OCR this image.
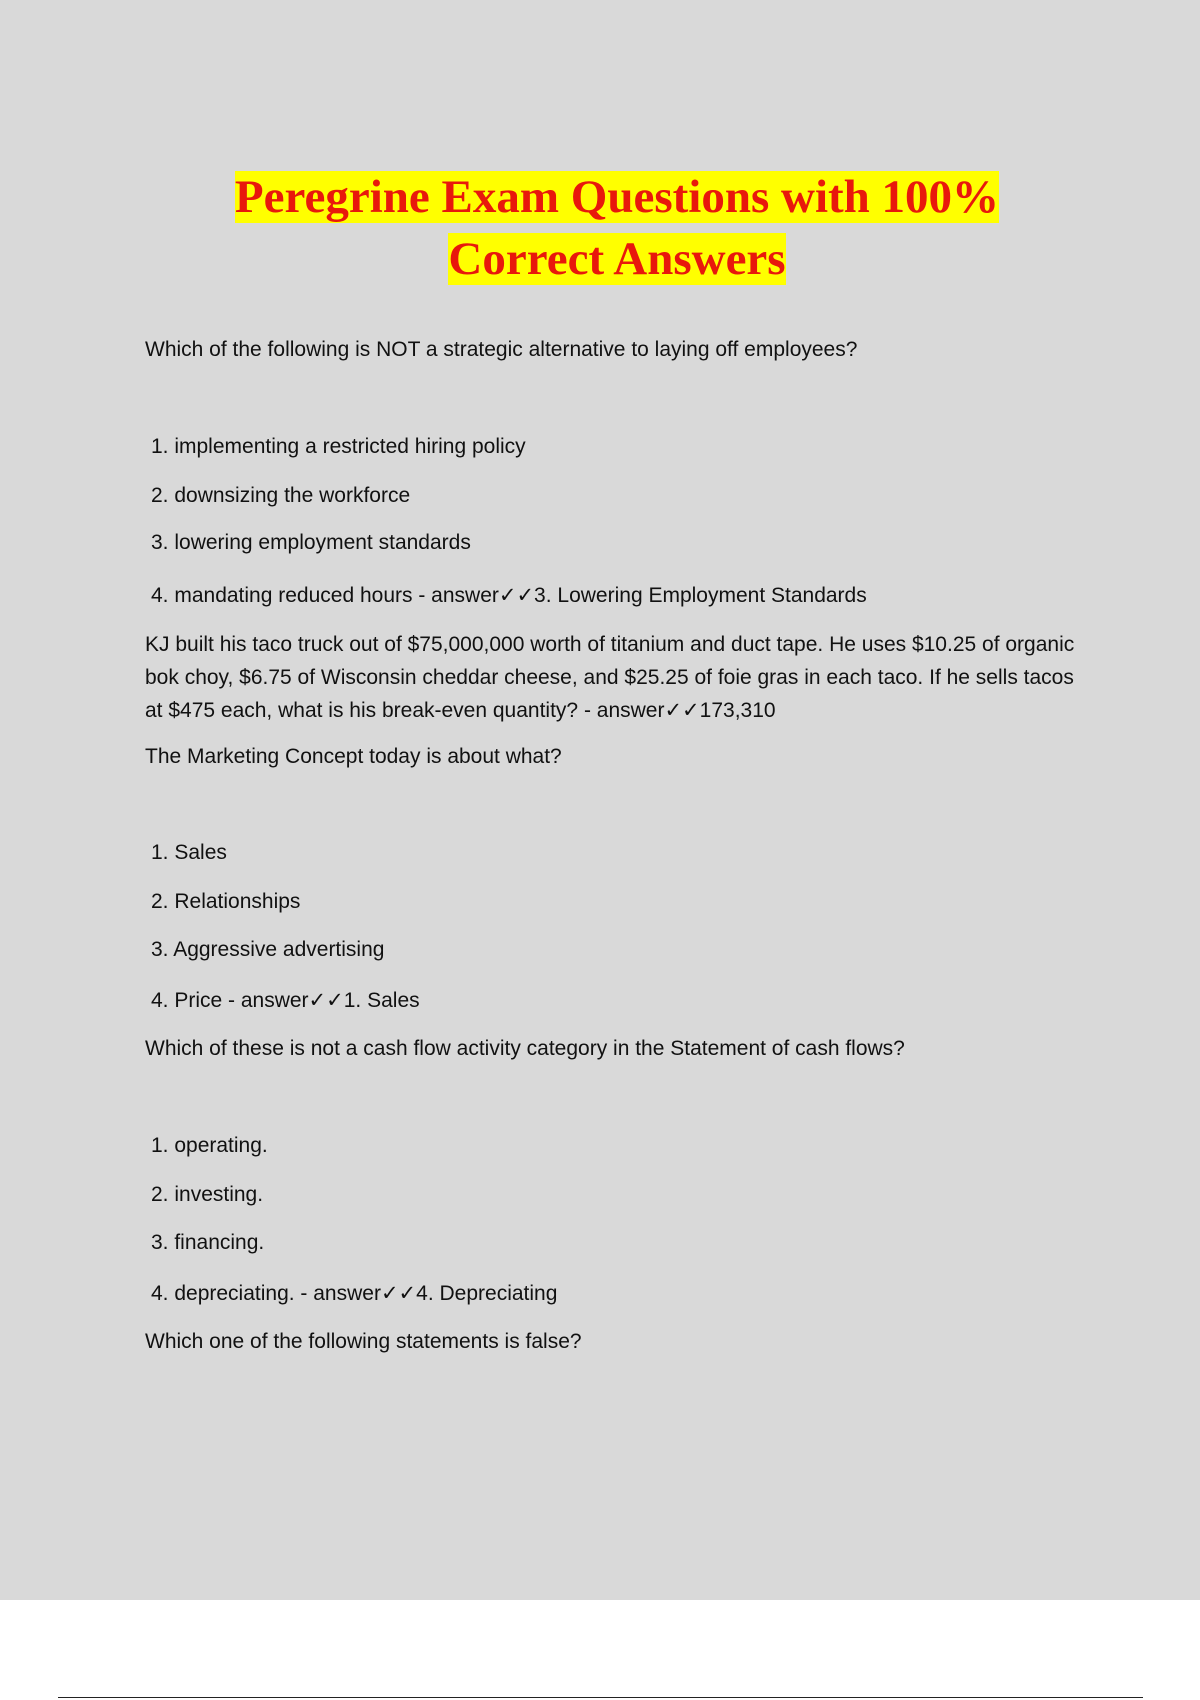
Peregrine Exam Questions with 100%
Correct Answers
Which of the following is NOT a strategic alternative to laying off employees?
1. implementing a restricted hiring policy
2. downsizing the workforce
3. lowering employment standards
4. mandating reduced hours - answer✓✓3. Lowering Employment Standards
KJ built his taco truck out of $75,000,000 worth of titanium and duct tape. He uses $10.25 of organic bok choy, $6.75 of Wisconsin cheddar cheese, and $25.25 of foie gras in each taco. If he sells tacos at $475 each, what is his break-even quantity? - answer✓✓173,310
The Marketing Concept today is about what?
1. Sales
2. Relationships
3. Aggressive advertising
4. Price - answer✓✓1. Sales
Which of these is not a cash flow activity category in the Statement of cash flows?
1. operating.
2. investing.
3. financing.
4. depreciating. - answer✓✓4. Depreciating
Which one of the following statements is false?
